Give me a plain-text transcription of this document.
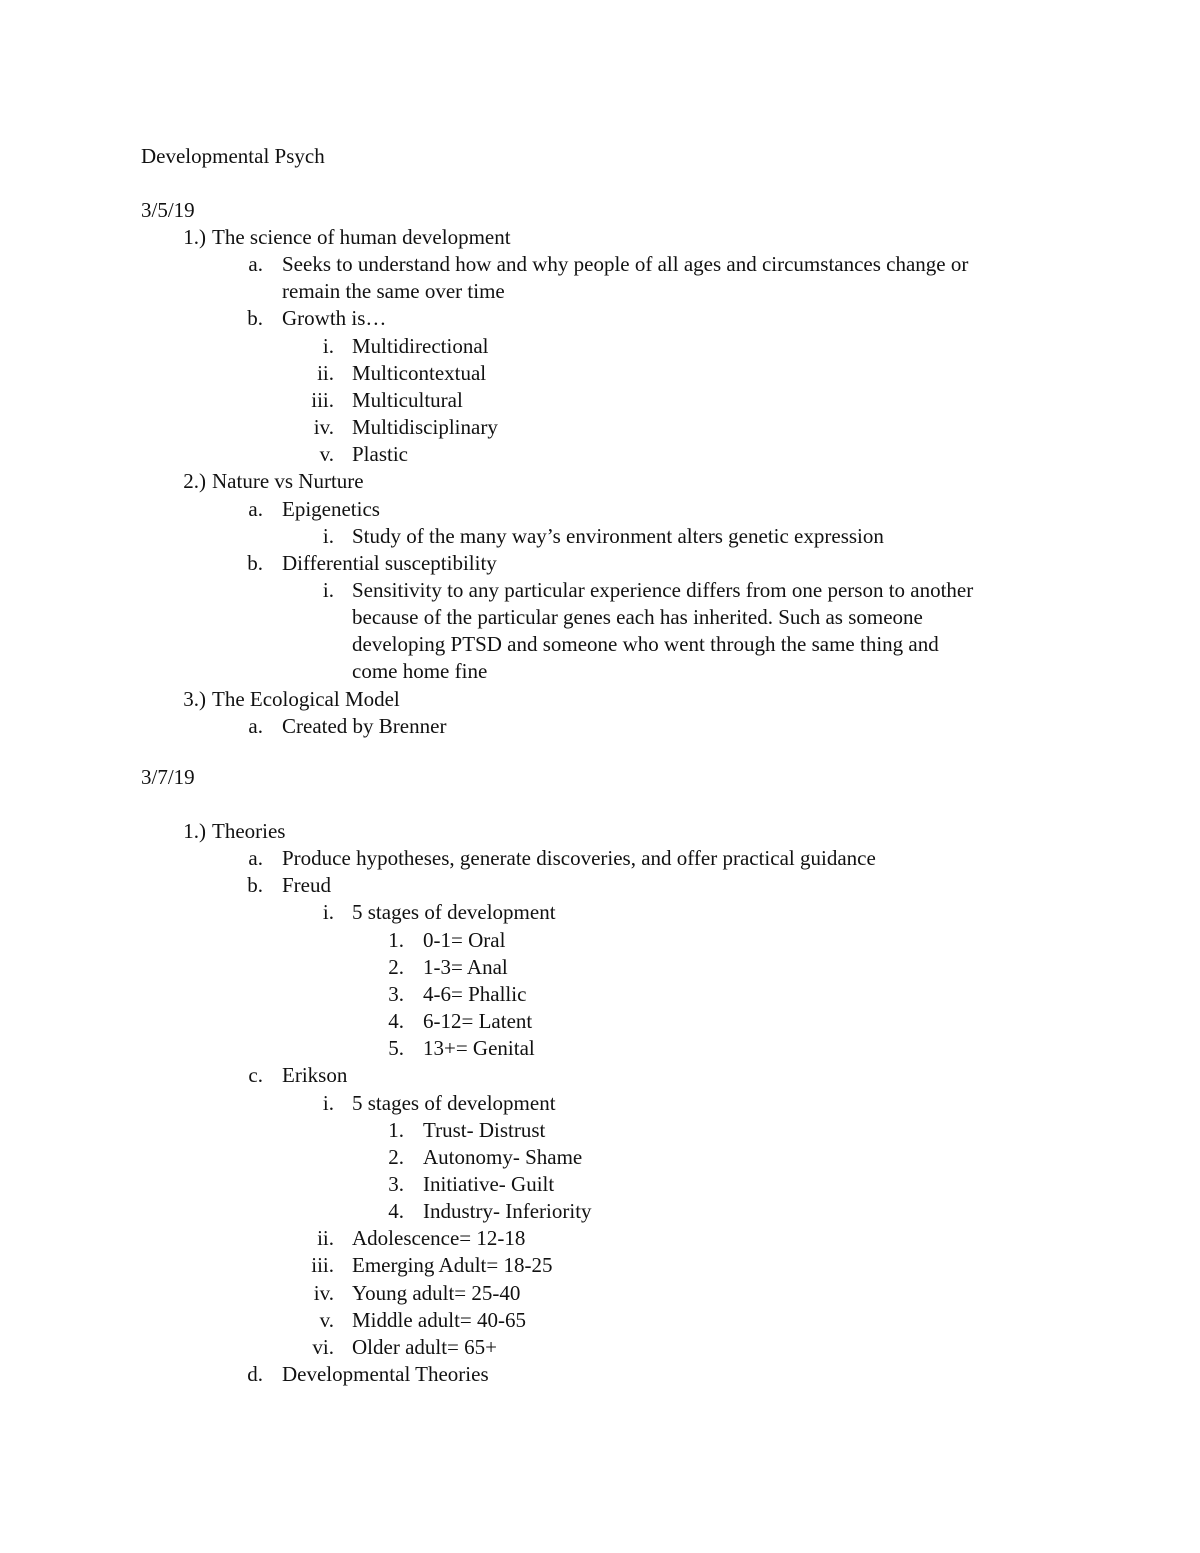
Developmental Psych
3/5/19
1.) The science of human development
a. Seeks to understand how and why people of all ages and circumstances change or
remain the same over time
b. Growth is…
i. Multidirectional
ii. Multicontextual
iii. Multicultural
iv. Multidisciplinary
v. Plastic
2.) Nature vs Nurture
a. Epigenetics
i. Study of the many way’s environment alters genetic expression
b. Differential susceptibility
i. Sensitivity to any particular experience differs from one person to another
because of the particular genes each has inherited. Such as someone
developing PTSD and someone who went through the same thing and
come home fine
3.) The Ecological Model
a. Created by Brenner
3/7/19
1.) Theories
a. Produce hypotheses, generate discoveries, and offer practical guidance
b. Freud
i. 5 stages of development
1. 0-1= Oral
2. 1-3= Anal
3. 4-6= Phallic
4. 6-12= Latent
5. 13+= Genital
c. Erikson
i. 5 stages of development
1. Trust- Distrust
2. Autonomy- Shame
3. Initiative- Guilt
4. Industry- Inferiority
ii. Adolescence= 12-18
iii. Emerging Adult= 18-25
iv. Young adult= 25-40
v. Middle adult= 40-65
vi. Older adult= 65+
d. Developmental Theories
